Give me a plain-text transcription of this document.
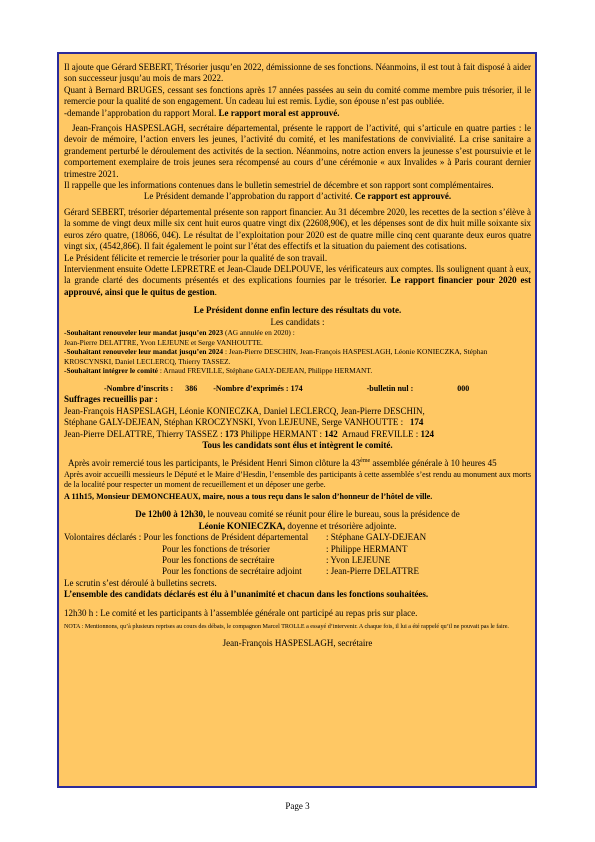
Il ajoute que Gérard SEBERT, Trésorier jusqu’en 2022, démissionne de ses fonctions. Néanmoins, il est tout à fait disposé à aider son successeur jusqu’au mois de mars 2022.

Quant à Bernard BRUGES, cessant ses fonctions après 17 années passées au sein du comité comme membre puis trésorier, il le remercie pour la qualité de son engagement. Un cadeau lui est remis. Lydie, son épouse n’est pas oubliée.

-demande l’approbation du rapport Moral. Le rapport moral est approuvé.

Jean-François HASPESLAGH, secrétaire départemental, présente le rapport de l’activité, qui s’articule en quatre parties : le devoir de mémoire, l’action envers les jeunes, l’activité du comité, et les manifestations de convivialité. La crise sanitaire a grandement perturbé le déroulement des activités de la section. Néanmoins, notre action envers la jeunesse s’est poursuivie et le comportement exemplaire de trois jeunes sera récompensé au cours d’une cérémonie « aux Invalides » à Paris courant dernier trimestre 2021.

Il rappelle que les informations contenues dans le bulletin semestriel de décembre et son rapport sont complémentaires.

Le Président demande l’approbation du rapport d’activité. Ce rapport est approuvé.

Gérard SEBERT, trésorier départemental présente son rapport financier. Au 31 décembre 2020, les recettes de la section s’élève à la somme de vingt deux mille six cent huit euros quatre vingt dix (22608,90€), et les dépenses sont de dix huit mille soixante six euros zéro quatre, (18066, 04€). Le résultat de l’exploitation pour 2020 est de quatre mille cinq cent quarante deux euros quatre vingt six, (4542,86€). Il fait également le point sur l’état des effectifs et la situation du paiement des cotisations.

Le Président félicite et remercie le trésorier pour la qualité de son travail.

Intervienment ensuite Odette LEPRETRE et Jean-Claude DELPOUVE, les vérificateurs aux comptes. Ils soulignent quant à eux, la grande clarté des documents présentés et des explications fournies par le trésorier. Le rapport financier pour 2020 est approuvé, ainsi que le quitus de gestion.

Le Président donne enfin lecture des résultats du vote.

Les candidats :

-Souhaitant renouveler leur mandat jusqu’en 2023 (AG annulée en 2020) :

Jean-Pierre DELATTRE, Yvon LEJEUNE et Serge VANHOUTTE.

-Souhaitant renouveler leur mandat jusqu’en 2024 : Jean-Pierre DESCHIN, Jean-François HASPESLAGH, Léonie KONIECZKA, Stéphan KROSCYNSKI, Daniel LECLERCQ, Thierry TASSEZ.

-Souhaitant intégrer le comité : Arnaud FREVILLE, Stéphane GALY-DEJEAN, Philippe HERMANT.

-Nombre d’inscrits : 386 -Nombre d’exprimés : 174	-bulletin nul :	000

Suffrages recueillis par :

Jean-François HASPESLAGH, Léonie KONIECZKA, Daniel LECLERCQ, Jean-Pierre DESCHIN,

Stéphane GALY-DEJEAN, Stéphan KROCZYNSKI, Yvon LEJEUNE, Serge VANHOUTTE : 174

Jean-Pierre DELATTRE, Thierry TASSEZ : 173 Philippe HERMANT : 142 Arnaud FREVILLE : 124

Tous les candidats sont élus et intègrent le comité.

Après avoir remercié tous les participants, le Président Henri Simon clôture la 43ème assemblée générale à 10 heures 45

Après avoir accueilli messieurs le Député et le Maire d’Hesdin, l’ensemble des participants à cette assemblée s’est rendu au monument aux morts de la localité pour respecter un moment de recueillement et un déposer une gerbe.

A 11h15, Monsieur DEMONCHEAUX, maire, nous a tous reçu dans le salon d’honneur de l’hôtel de ville.

De 12h00 à 12h30, le nouveau comité se réunit pour élire le bureau, sous la présidence de
Léonie KONIECZKA, doyenne et trésorière adjointe.

Volontaires déclarés : Pour les fonctions de Président départemental	: Stéphane GALY-DEJEAN
Pour les fonctions de trésorier	: Philippe HERMANT
Pour les fonctions de secrétaire	: Yvon LEJEUNE
Pour les fonctions de secrétaire adjoint	: Jean-Pierre DELATTRE

Le scrutin s’est déroulé à bulletins secrets.

L’ensemble des candidats déclarés est élu à l’unanimité et chacun dans les fonctions souhaitées.

12h30 h : Le comité et les participants à l’assemblée générale ont participé au repas pris sur place.

NOTA : Mentionnons, qu’à plusieurs reprises au cours des débats, le compagnon Marcel TROLLE a essayé d’intervenir. A chaque fois, il lui a été rappelé qu’il ne pouvait pas le faire.

Jean-François HASPESLAGH, secrétaire

Page 3
